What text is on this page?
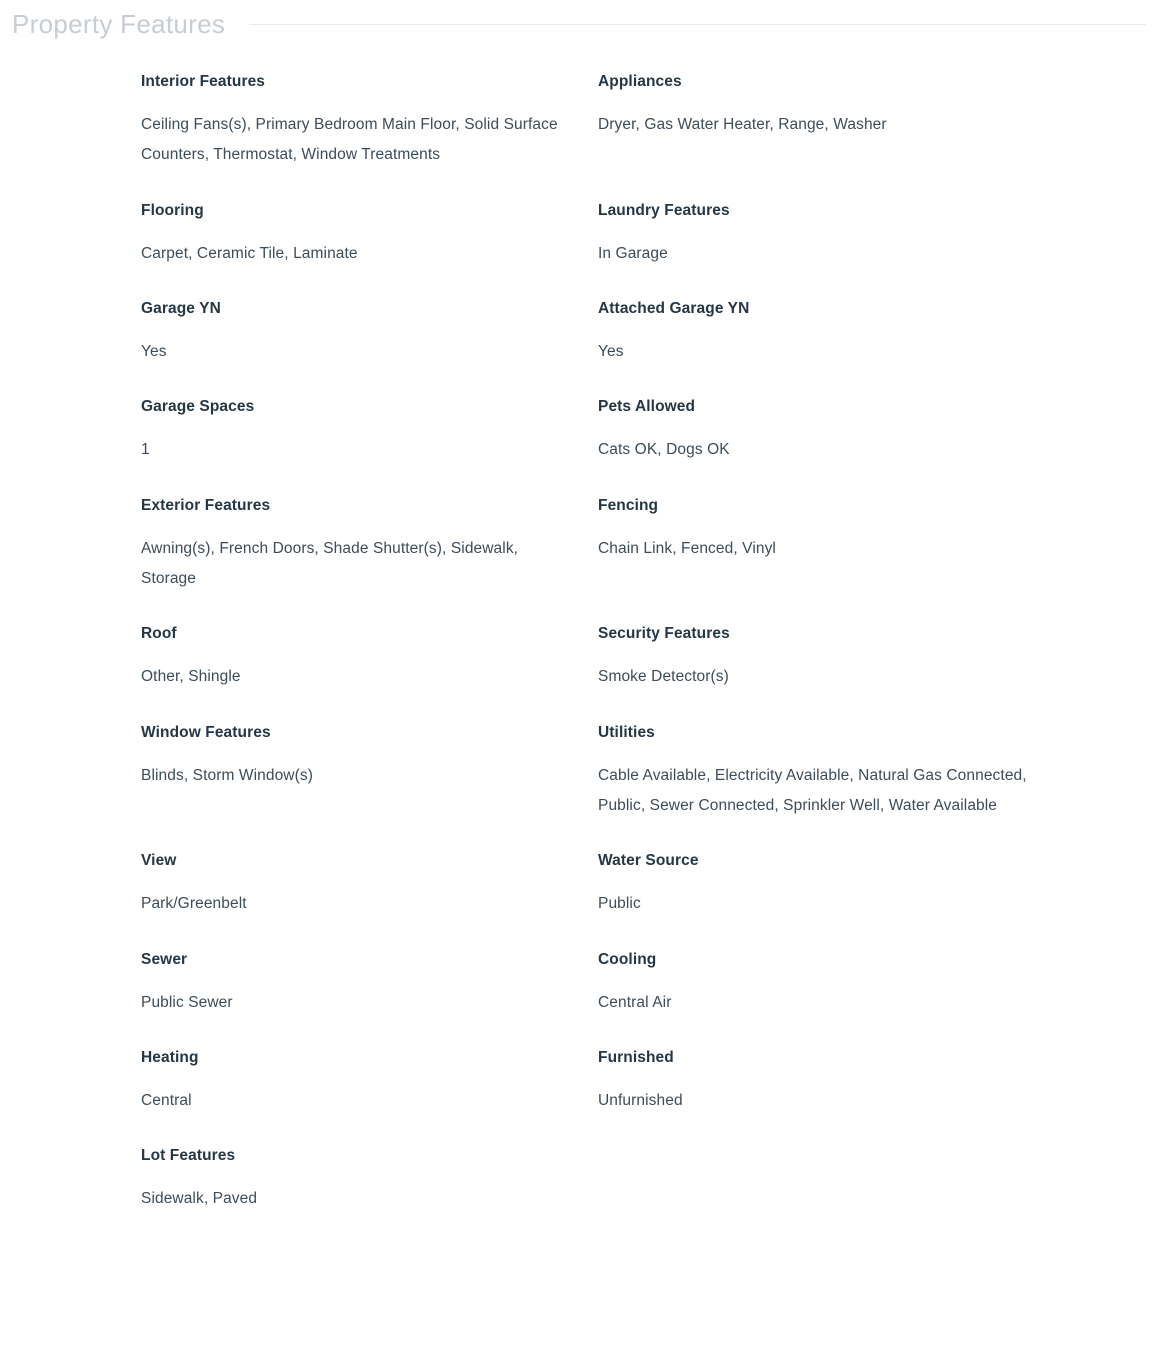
Property Features
Interior Features
Ceiling Fans(s), Primary Bedroom Main Floor, Solid Surface Counters, Thermostat, Window Treatments
Appliances
Dryer, Gas Water Heater, Range, Washer
Flooring
Carpet, Ceramic Tile, Laminate
Laundry Features
In Garage
Garage YN
Yes
Attached Garage YN
Yes
Garage Spaces
1
Pets Allowed
Cats OK, Dogs OK
Exterior Features
Awning(s), French Doors, Shade Shutter(s), Sidewalk, Storage
Fencing
Chain Link, Fenced, Vinyl
Roof
Other, Shingle
Security Features
Smoke Detector(s)
Window Features
Blinds, Storm Window(s)
Utilities
Cable Available, Electricity Available, Natural Gas Connected, Public, Sewer Connected, Sprinkler Well, Water Available
View
Park/Greenbelt
Water Source
Public
Sewer
Public Sewer
Cooling
Central Air
Heating
Central
Furnished
Unfurnished
Lot Features
Sidewalk, Paved
